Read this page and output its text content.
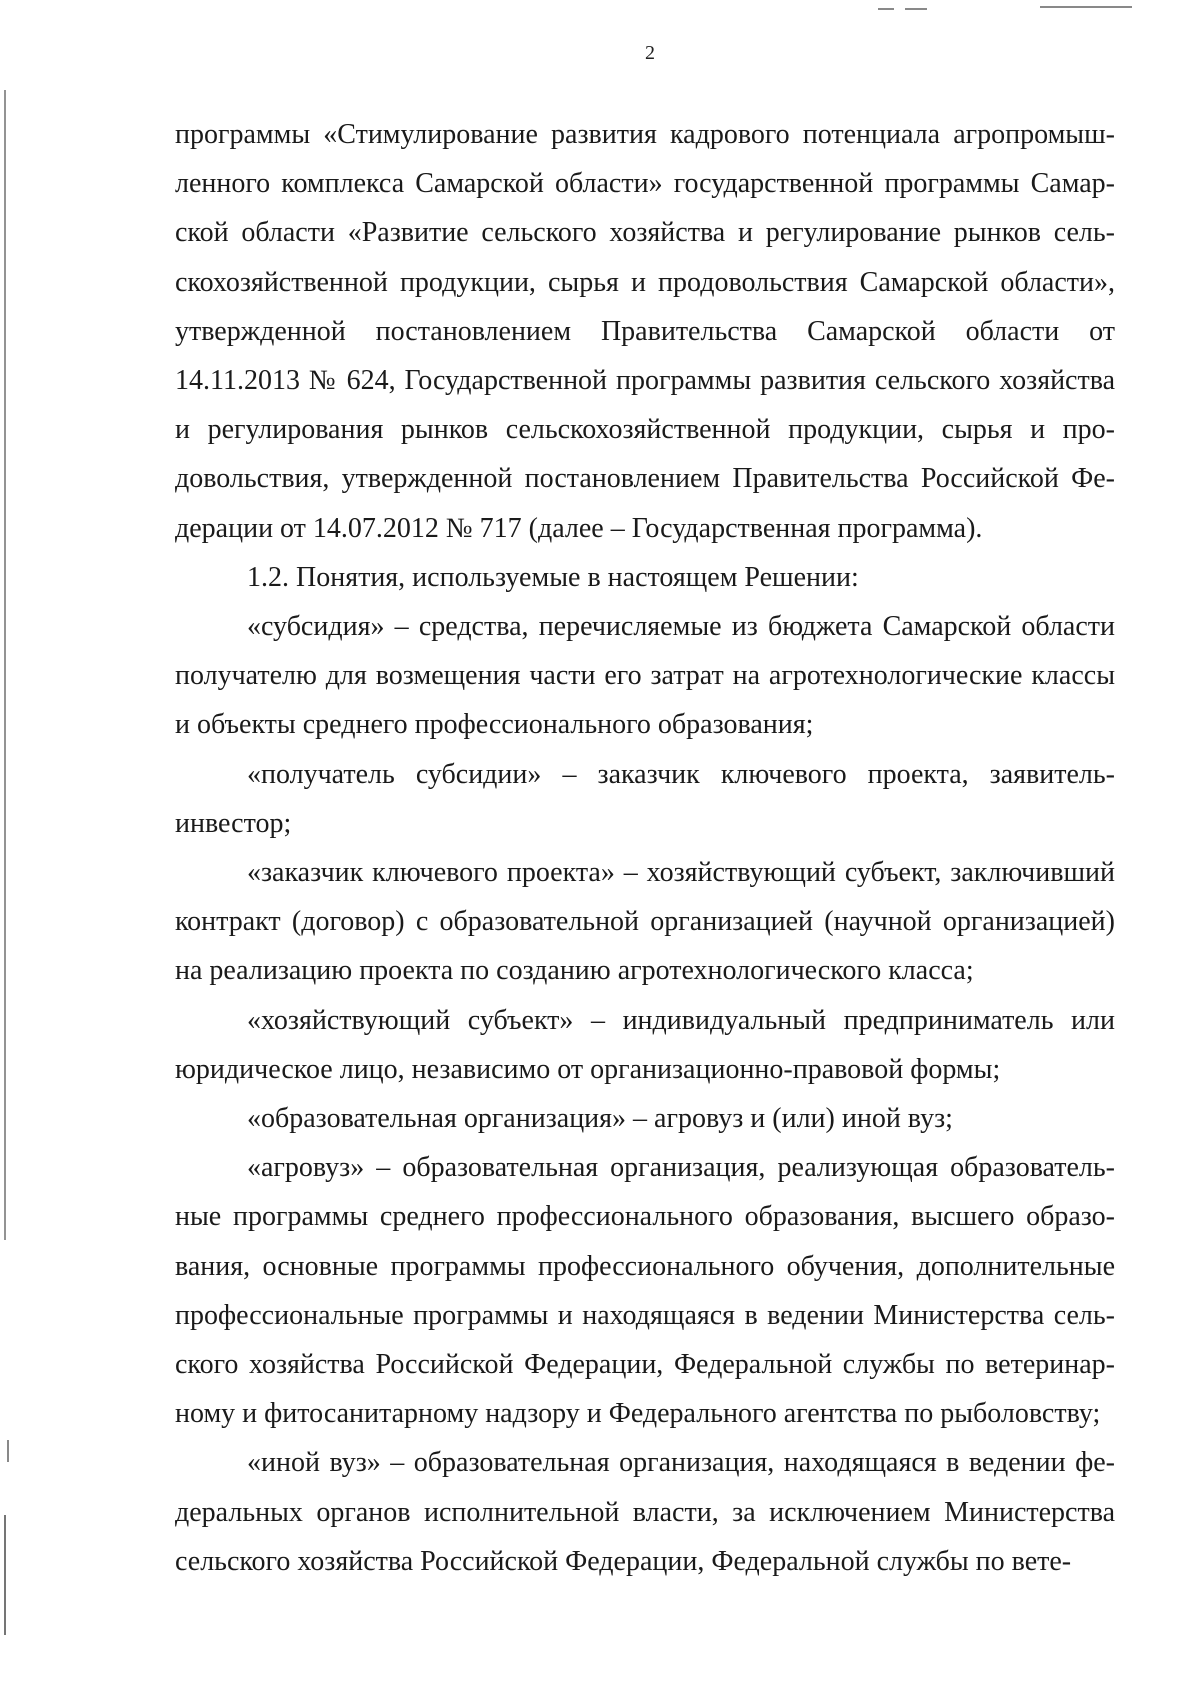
2

программы «Стимулирование развития кадрового потенциала агропромышленного комплекса Самарской области» государственной программы Самарской области «Развитие сельского хозяйства и регулирование рынков сельскохозяйственной продукции, сырья и продовольствия Самарской области», утвержденной постановлением Правительства Самарской области от 14.11.2013 № 624, Государственной программы развития сельского хозяйства и регулирования рынков сельскохозяйственной продукции, сырья и продовольствия, утвержденной постановлением Правительства Российской Федерации от 14.07.2012 № 717 (далее – Государственная программа).

1.2. Понятия, используемые в настоящем Решении:

«субсидия» – средства, перечисляемые из бюджета Самарской области получателю для возмещения части его затрат на агротехнологические классы и объекты среднего профессионального образования;

«получатель субсидии» – заказчик ключевого проекта, заявитель-инвестор;

«заказчик ключевого проекта» – хозяйствующий субъект, заключивший контракт (договор) с образовательной организацией (научной организацией) на реализацию проекта по созданию агротехнологического класса;

«хозяйствующий субъект» – индивидуальный предприниматель или юридическое лицо, независимо от организационно-правовой формы;

«образовательная организация» – агровуз и (или) иной вуз;

«агровуз» – образовательная организация, реализующая образовательные программы среднего профессионального образования, высшего образования, основные программы профессионального обучения, дополнительные профессиональные программы и находящаяся в ведении Министерства сельского хозяйства Российской Федерации, Федеральной службы по ветеринарному и фитосанитарному надзору и Федерального агентства по рыболовству;

«иной вуз» – образовательная организация, находящаяся в ведении федеральных органов исполнительной власти, за исключением Министерства сельского хозяйства Российской Федерации, Федеральной службы по вете-
